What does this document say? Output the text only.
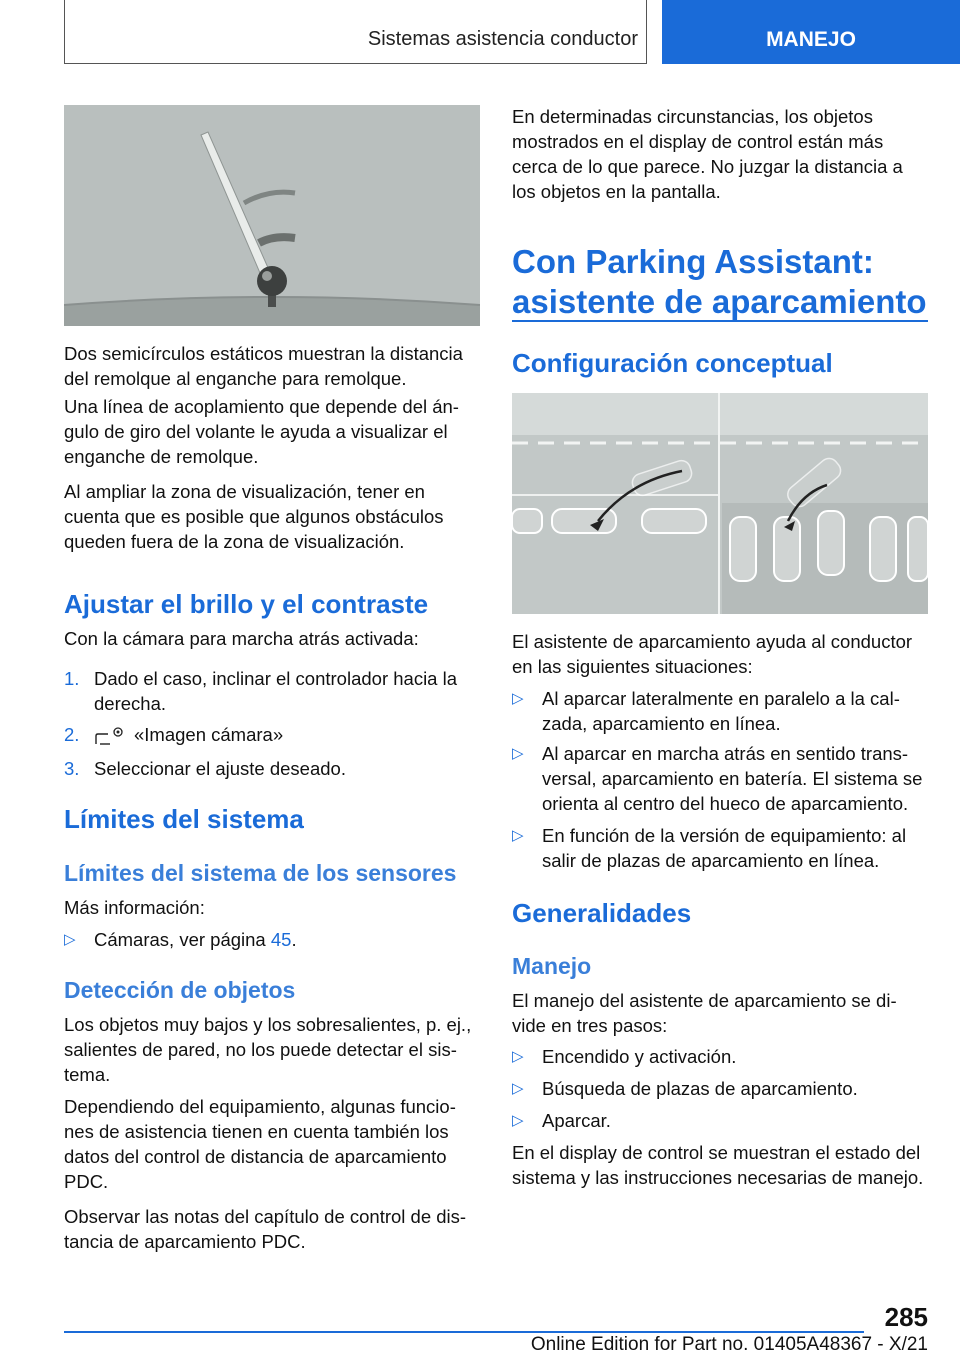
Sistemas asistencia conductor	MANEJO

Dos semicírculos estáticos muestran la distancia del remolque al enganche para remolque.

Una línea de acoplamiento que depende del án-gulo de giro del volante le ayuda a visualizar el enganche de remolque.

Al ampliar la zona de visualización, tener en cuenta que es posible que algunos obstáculos queden fuera de la zona de visualización.

Ajustar el brillo y el contraste

Con la cámara para marcha atrás activada:

1. Dado el caso, inclinar el controlador hacia la derecha.
2.	«Imagen cámara»
3. Seleccionar el ajuste deseado.
Límites del sistema
Límites del sistema de los sensores

Más información:

▷ Cámaras, ver página 45.
Detección de objetos

Los objetos muy bajos y los sobresalientes, p. ej., salientes de pared, no los puede detectar el sis-tema.

Dependiendo del equipamiento, algunas funcio-nes de asistencia tienen en cuenta también los datos del control de distancia de aparcamiento PDC.

Observar las notas del capítulo de control de dis-tancia de aparcamiento PDC.

En determinadas circunstancias, los objetos mostrados en el display de control están más cerca de lo que parece. No juzgar la distancia a los objetos en la pantalla.

Con Parking Assistant: asistente de aparcamiento
Configuración conceptual

El asistente de aparcamiento ayuda al conductor en las siguientes situaciones:

▷ Al aparcar lateralmente en paralelo a la cal-zada, aparcamiento en línea.
▷ Al aparcar en marcha atrás en sentido trans-versal, aparcamiento en batería. El sistema se orienta al centro del hueco de aparcamiento.
▷ En función de la versión de equipamiento: al salir de plazas de aparcamiento en línea.
Generalidades
Manejo

El manejo del asistente de aparcamiento se di-vide en tres pasos:

▷ Encendido y activación.
▷ Búsqueda de plazas de aparcamiento.
▷ Aparcar.

En el display de control se muestran el estado del sistema y las instrucciones necesarias de manejo.

285
Online Edition for Part no. 01405A48367 - X/21
